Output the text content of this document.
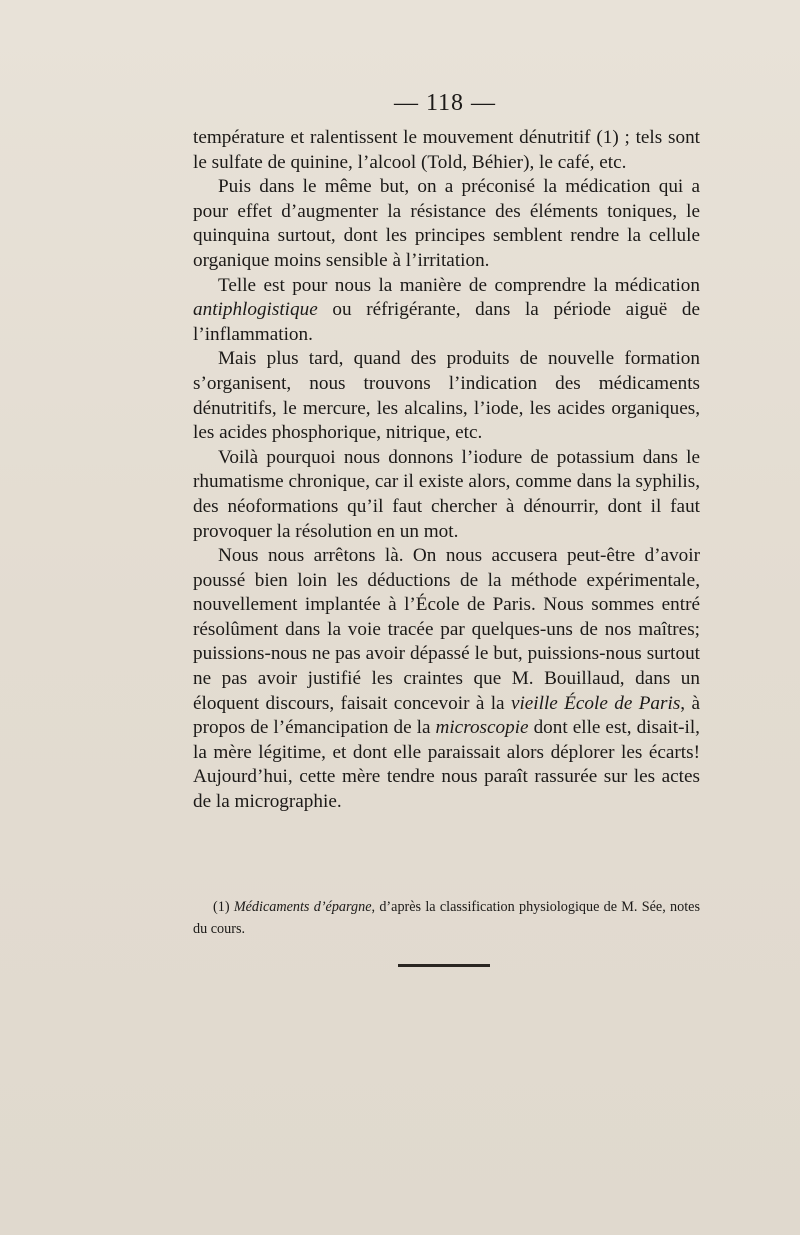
— 118 —

température et ralentissent le mouvement dénutritif (1) ; tels sont le sulfate de quinine, l’alcool (Told, Béhier), le café, etc.

Puis dans le même but, on a préconisé la médication qui a pour effet d’augmenter la résistance des éléments toniques, le quinquina surtout, dont les principes semblent rendre la cellule organique moins sensible à l’irritation.

Telle est pour nous la manière de comprendre la médication antiphlogistique ou réfrigérante, dans la période aiguë de l’inflammation.

Mais plus tard, quand des produits de nouvelle formation s’organisent, nous trouvons l’indication des médicaments dénutritifs, le mercure, les alcalins, l’iode, les acides organiques, les acides phosphorique, nitrique, etc.

Voilà pourquoi nous donnons l’iodure de potassium dans le rhumatisme chronique, car il existe alors, comme dans la syphilis, des néoformations qu’il faut chercher à dénourrir, dont il faut provoquer la résolution en un mot.

Nous nous arrêtons là. On nous accusera peut-être d’avoir poussé bien loin les déductions de la méthode expérimentale, nouvellement implantée à l’École de Paris. Nous sommes entré résolûment dans la voie tracée par quelques-uns de nos maîtres; puissions-nous ne pas avoir dépassé le but, puissions-nous surtout ne pas avoir justifié les craintes que M. Bouillaud, dans un éloquent discours, faisait concevoir à la vieille École de Paris, à propos de l’émancipation de la microscopie dont elle est, disait-il, la mère légitime, et dont elle paraissait alors déplorer les écarts! Aujourd’hui, cette mère tendre nous paraît rassurée sur les actes de la micrographie.

(1) Médicaments d’épargne, d’après la classification physiologique de M. Sée, notes du cours.
